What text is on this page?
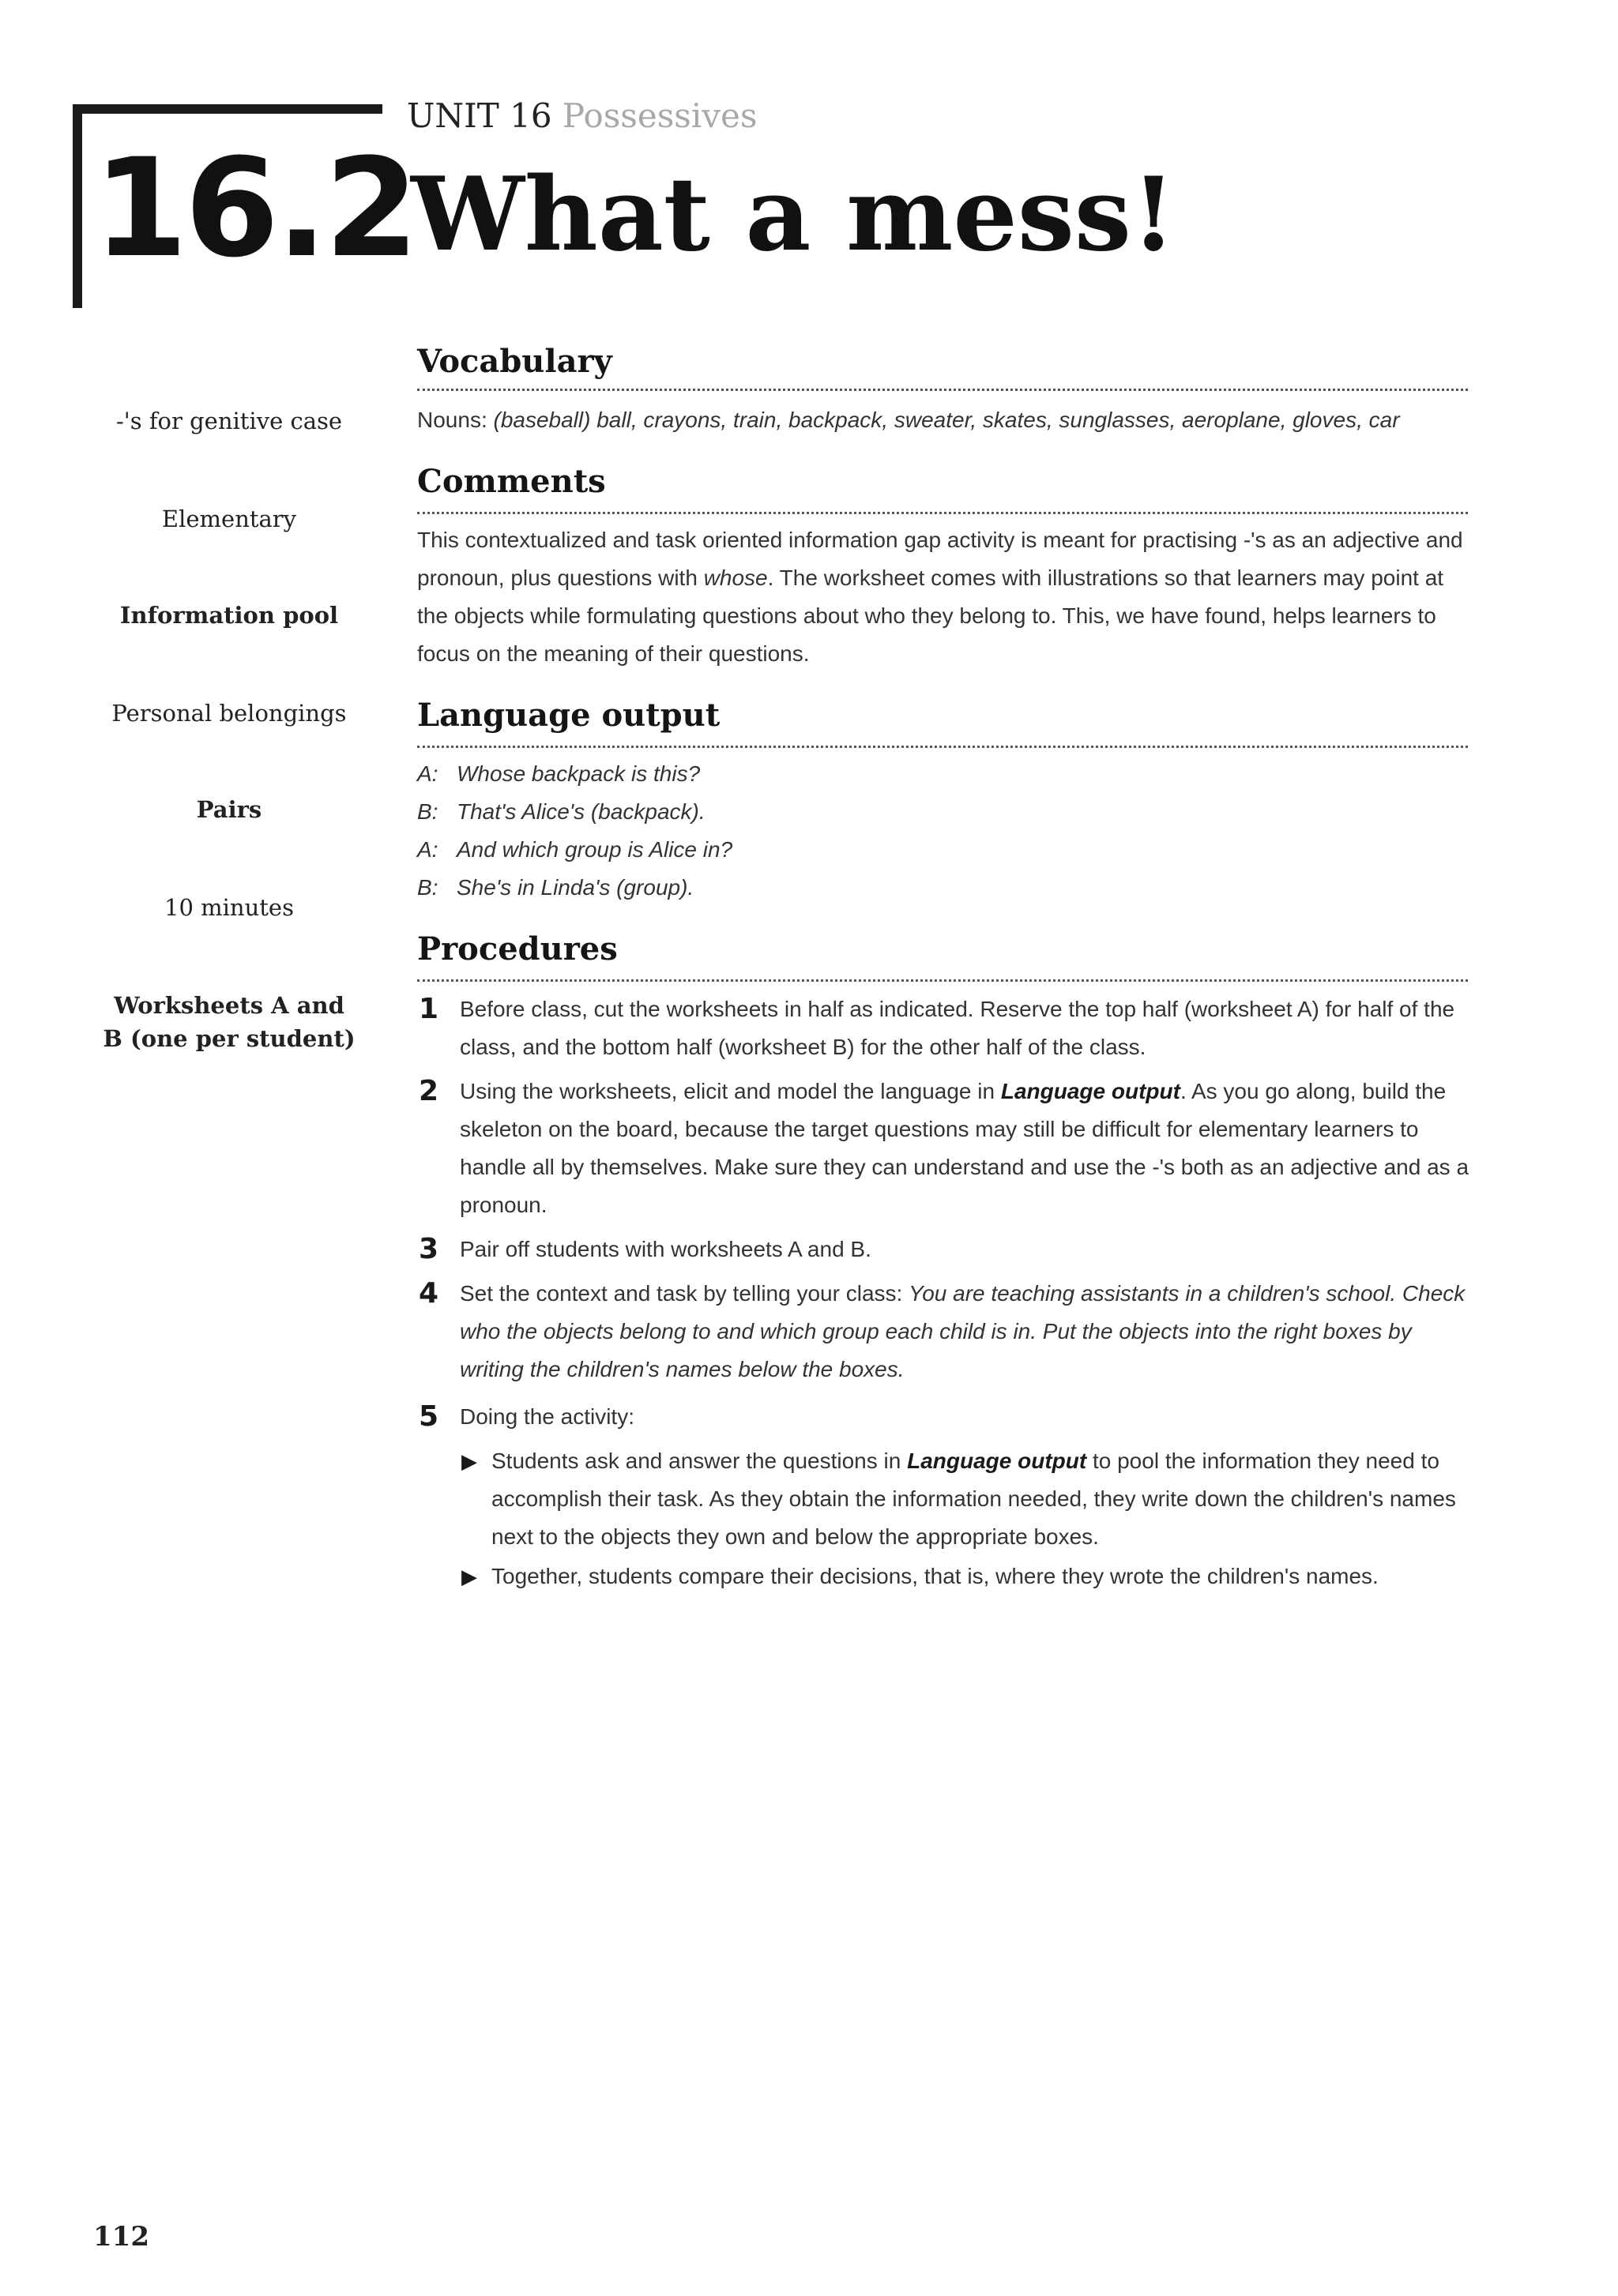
UNIT 16 Possessives
16.2
What a mess!
-'s for genitive case
Elementary
Information pool
Personal belongings
Pairs
10 minutes
Worksheets A and B (one per student)
Vocabulary
Nouns: (baseball) ball, crayons, train, backpack, sweater, skates, sunglasses, aeroplane, gloves, car
Comments
This contextualized and task oriented information gap activity is meant for practising -'s as an adjective and pronoun, plus questions with whose. The worksheet comes with illustrations so that learners may point at the objects while formulating questions about who they belong to. This, we have found, helps learners to focus on the meaning of their questions.
Language output
A: Whose backpack is this?
B: That's Alice's (backpack).
A: And which group is Alice in?
B: She's in Linda's (group).
Procedures
1 Before class, cut the worksheets in half as indicated. Reserve the top half (worksheet A) for half of the class, and the bottom half (worksheet B) for the other half of the class.
2 Using the worksheets, elicit and model the language in Language output. As you go along, build the skeleton on the board, because the target questions may still be difficult for elementary learners to handle all by themselves. Make sure they can understand and use the -'s both as an adjective and as a pronoun.
3 Pair off students with worksheets A and B.
4 Set the context and task by telling your class: You are teaching assistants in a children's school. Check who the objects belong to and which group each child is in. Put the objects into the right boxes by writing the children's names below the boxes.
5 Doing the activity:
▶ Students ask and answer the questions in Language output to pool the information they need to accomplish their task. As they obtain the information needed, they write down the children's names next to the objects they own and below the appropriate boxes.
▶ Together, students compare their decisions, that is, where they wrote the children's names.
112
